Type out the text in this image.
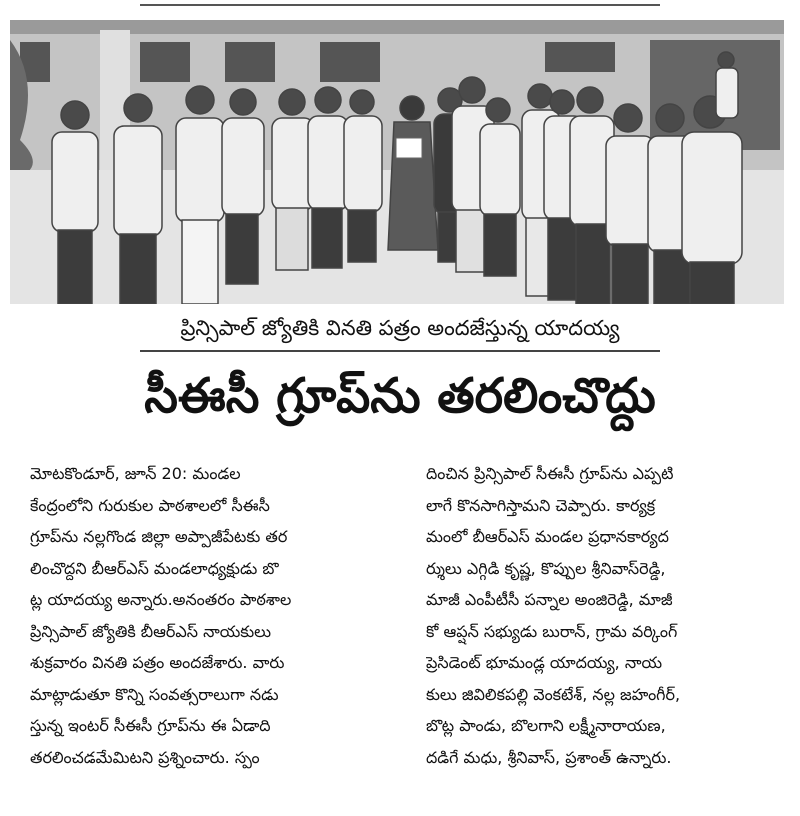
ప్రిన్సిపాల్ జ్యోతికి వినతి పత్రం అందజేస్తున్న యాదయ్య
సీఈసీ గ్రూప్‌ను తరలించొద్దు
మోటకొండూర్, జూన్ 20: మండల
కేంద్రంలోని గురుకుల పాఠశాలలో సీఈసీ
గ్రూప్‌ను నల్లగొండ జిల్లా అప్పాజీపేటకు తర
లించొద్దని బీఆర్‌ఎస్ మండలాధ్యక్షుడు బొ
ట్ల యాదయ్య అన్నారు.అనంతరం పాఠశాల
ప్రిన్సిపాల్ జ్యోతికి బీఆర్‌ఎస్ నాయకులు
శుక్రవారం వినతి పత్రం అందజేశారు. వారు
మాట్లాడుతూ కొన్ని సంవత్సరాలుగా నడు
స్తున్న ఇంటర్ సీఈసీ గ్రూప్‌ను ఈ ఏడాది
తరలించడమేమిటని ప్రశ్నించారు. స్పం
దించిన ప్రిన్సిపాల్ సీఈసీ గ్రూప్‌ను ఎప్పటి
లాగే కొనసాగిస్తామని చెప్పారు. కార్యక్ర
మంలో బీఆర్‌ఎస్ మండల ప్రధానకార్యద
ర్శులు ఎగ్గిడి కృష్ణ, కొప్పుల శ్రీనివాస్‌రెడ్డి,
మాజీ ఎంపీటీసీ పన్నాల అంజిరెడ్డి, మాజీ
కో ఆప్షన్ సభ్యుడు బురాన్, గ్రామ వర్కింగ్
ప్రెసిడెంట్ భూమండ్ల యాదయ్య, నాయ
కులు జివిలికపల్లి వెంకటేశ్, నల్ల జహంగీర్,
బొట్ల పాండు, బొలగాని లక్ష్మీనారాయణ,
దడిగే మధు, శ్రీనివాస్, ప్రశాంత్ ఉన్నారు.
